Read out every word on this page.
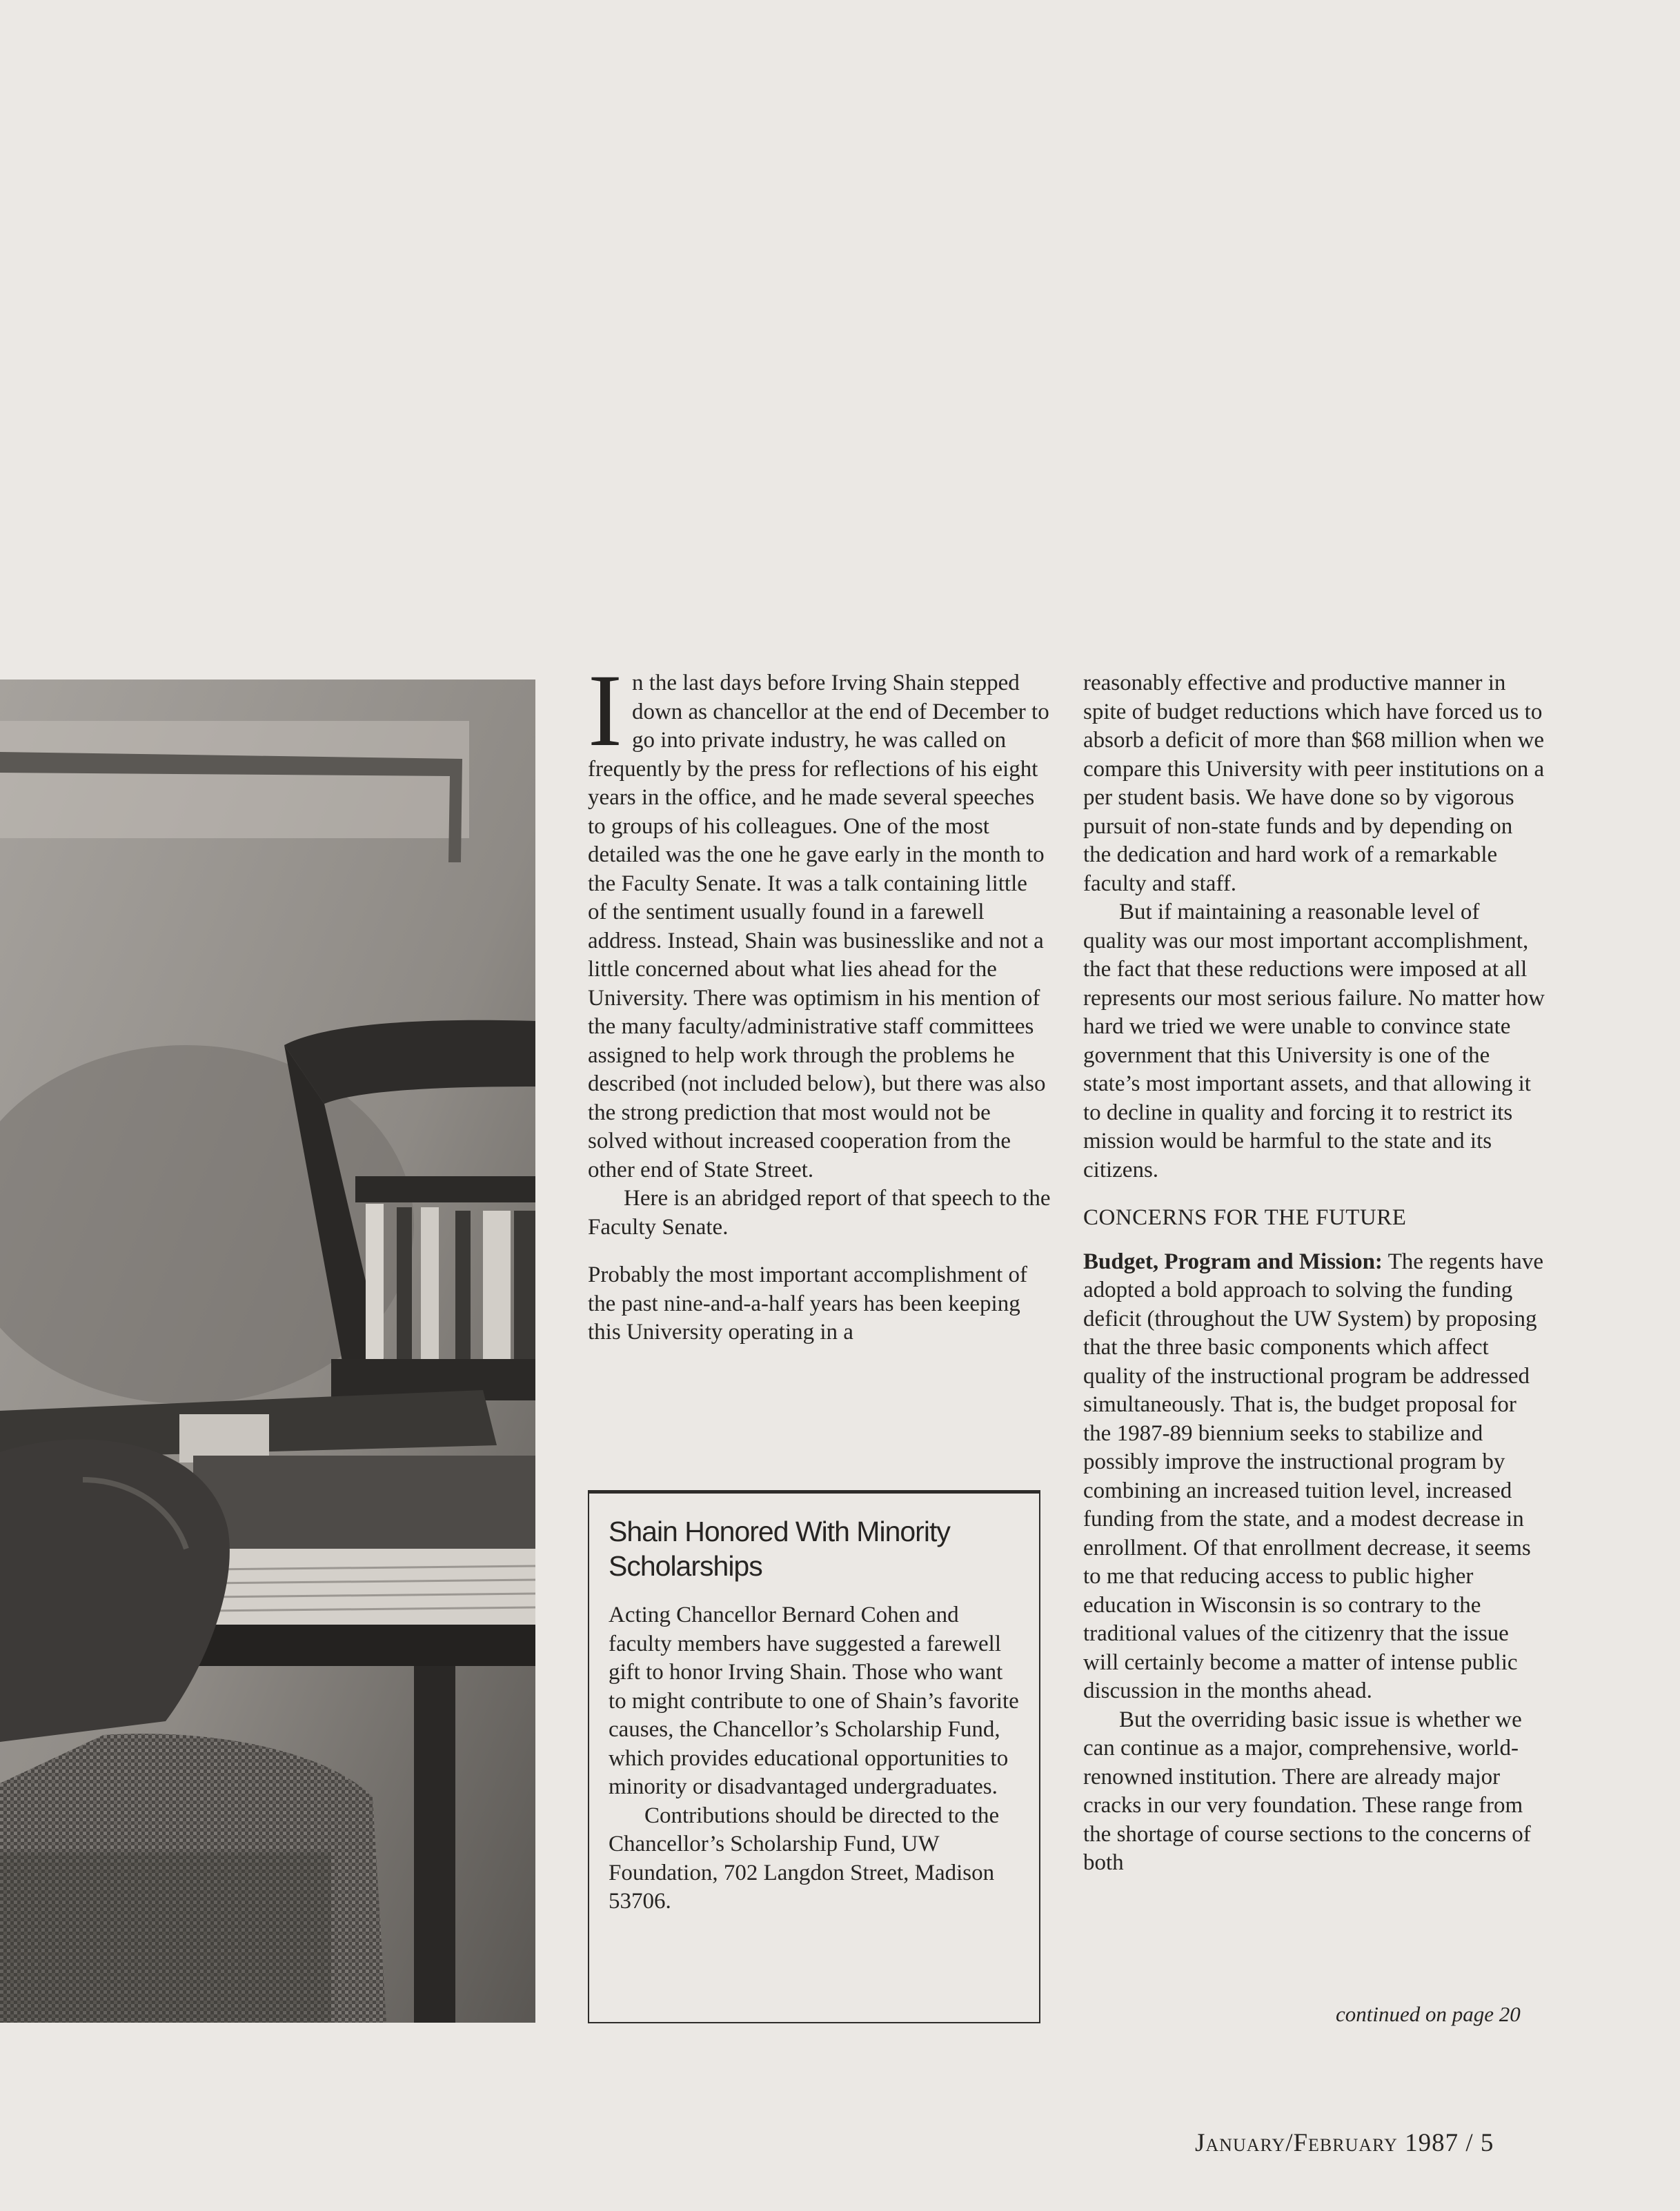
In the last days before Irving Shain stepped down as chancellor at the end of December to go into private industry, he was called on frequently by the press for reflections of his eight years in the office, and he made several speeches to groups of his colleagues. One of the most detailed was the one he gave early in the month to the Faculty Senate. It was a talk containing little of the sentiment usually found in a farewell address. Instead, Shain was businesslike and not a little concerned about what lies ahead for the University. There was optimism in his mention of the many faculty/administrative staff committees assigned to help work through the problems he described (not included below), but there was also the strong prediction that most would not be solved without increased cooperation from the other end of State Street.

Here is an abridged report of that speech to the Faculty Senate.

Probably the most important accomplishment of the past nine-and-a-half years has been keeping this University operating in a

Shain Honored With Minority Scholarships

Acting Chancellor Bernard Cohen and faculty members have suggested a farewell gift to honor Irving Shain. Those who want to might contribute to one of Shain’s favorite causes, the Chancellor’s Scholarship Fund, which provides educational opportunities to minority or disadvantaged undergraduates.

Contributions should be directed to the Chancellor’s Scholarship Fund, UW Foundation, 702 Langdon Street, Madison 53706.

reasonably effective and productive manner in spite of budget reductions which have forced us to absorb a deficit of more than $68 million when we compare this University with peer institutions on a per student basis. We have done so by vigorous pursuit of non-state funds and by depending on the dedication and hard work of a remarkable faculty and staff.

But if maintaining a reasonable level of quality was our most important accomplishment, the fact that these reductions were imposed at all represents our most serious failure. No matter how hard we tried we were unable to convince state government that this University is one of the state’s most important assets, and that allowing it to decline in quality and forcing it to restrict its mission would be harmful to the state and its citizens.

CONCERNS FOR THE FUTURE

Budget, Program and Mission: The regents have adopted a bold approach to solving the funding deficit (throughout the UW System) by proposing that the three basic components which affect quality of the instructional program be addressed simultaneously. That is, the budget proposal for the 1987-89 biennium seeks to stabilize and possibly improve the instructional program by combining an increased tuition level, increased funding from the state, and a modest decrease in enrollment. Of that enrollment decrease, it seems to me that reducing access to public higher education in Wisconsin is so contrary to the traditional values of the citizenry that the issue will certainly become a matter of intense public discussion in the months ahead.

But the overriding basic issue is whether we can continue as a major, comprehensive, world-renowned institution. There are already major cracks in our very foundation. These range from the shortage of course sections to the concerns of both

continued on page 20
January/February 1987 / 5
